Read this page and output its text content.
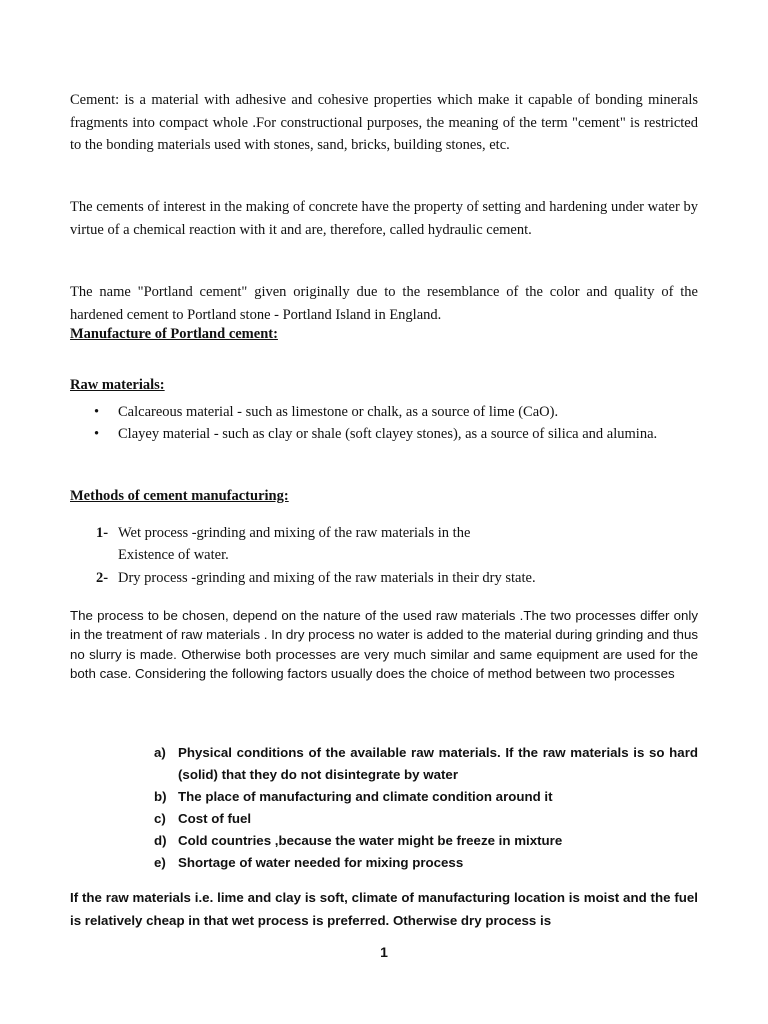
Cement: is a material with adhesive and cohesive properties which make it capable of bonding minerals fragments into compact whole .For constructional purposes, the meaning of the term "cement" is restricted to the bonding materials used with stones, sand, bricks, building stones, etc.

The cements of interest in the making of concrete have the property of setting and hardening under water by virtue of a chemical reaction with it and are, therefore, called hydraulic cement.

The name "Portland cement" given originally due to the resemblance of the color and quality of the hardened cement to Portland stone - Portland Island in England.

Manufacture of Portland cement:
Raw materials:
• Calcareous material - such as limestone or chalk, as a source of lime (CaO).
• Clayey material - such as clay or shale (soft clayey stones), as a source of silica and alumina.
Methods of cement manufacturing:
1- Wet process -grinding and mixing of the raw materials in the
Existence of water.
2- Dry process -grinding and mixing of the raw materials in their dry state.

The process to be chosen, depend on the nature of the used raw materials .The two processes differ only in the treatment of raw materials . In dry process no water is added to the material during grinding and thus no slurry is made. Otherwise both processes are very much similar and same equipment are used for the both case. Considering the following factors usually does the choice of method between two processes

a) Physical conditions of the available raw materials. If the raw materials is so hard (solid) that they do not disintegrate by water
b) The place of manufacturing and climate condition around it
c) Cost of fuel
d) Cold countries ,because the water might be freeze in mixture
e) Shortage of water needed for mixing process

If the raw materials i.e. lime and clay is soft, climate of manufacturing location is moist and the fuel is relatively cheap in that wet process is preferred. Otherwise dry process is

1
